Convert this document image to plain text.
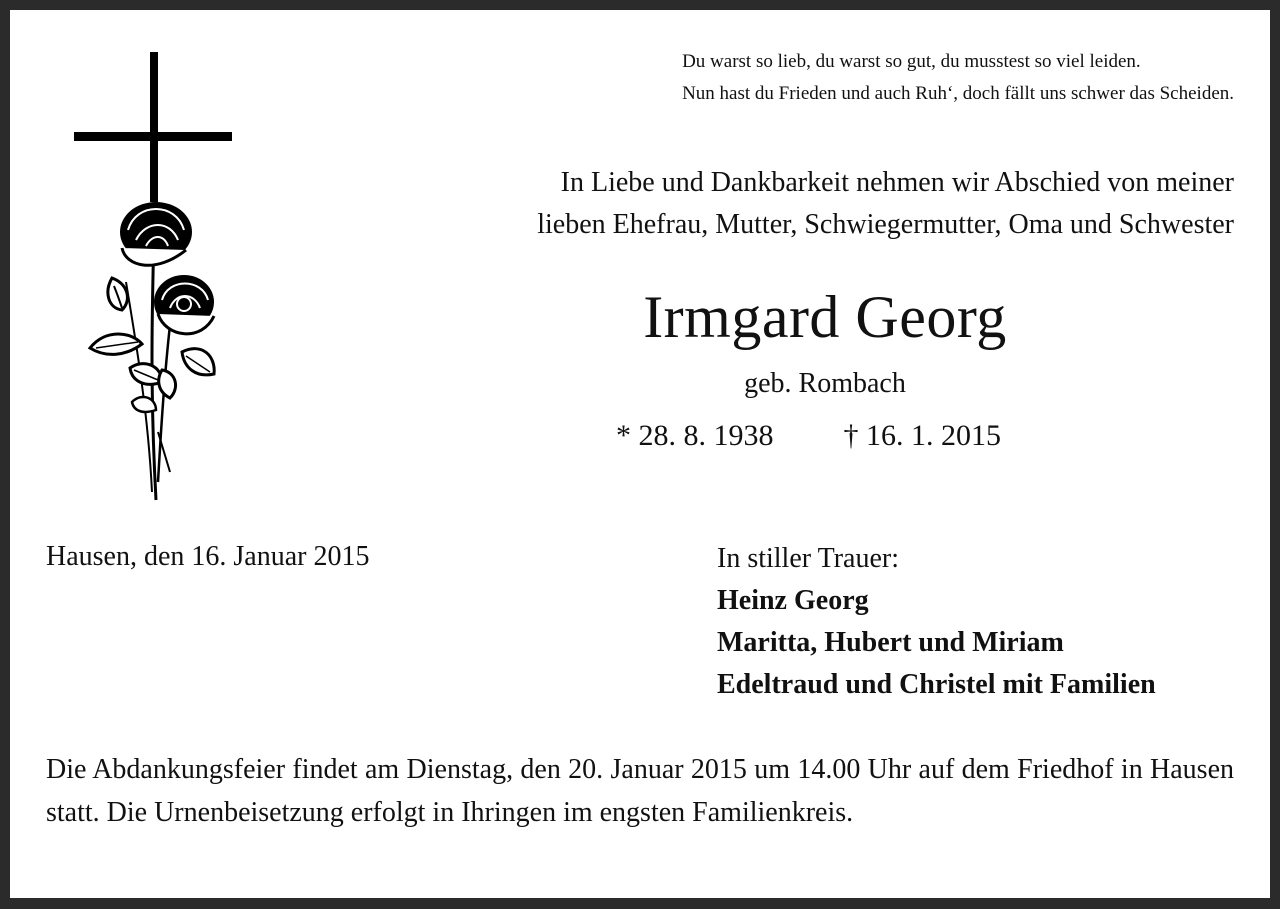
Du warst so lieb, du warst so gut, du musstest so viel leiden.
Nun hast du Frieden und auch Ruh‘, doch fällt uns schwer das Scheiden.
In Liebe und Dankbarkeit nehmen wir Abschied von meiner
lieben Ehefrau, Mutter, Schwiegermutter, Oma und Schwester
Irmgard Georg
geb. Rombach
* 28. 8. 1938 † 16. 1. 2015
Hausen, den 16. Januar 2015	In stiller Trauer:
Heinz Georg
Maritta, Hubert und Miriam
Edeltraud und Christel mit Familien
Die Abdankungsfeier findet am Dienstag, den 20. Januar 2015 um 14.00 Uhr auf dem Friedhof in Hausen statt. Die Urnenbeisetzung erfolgt in Ihringen im engsten Familienkreis.
